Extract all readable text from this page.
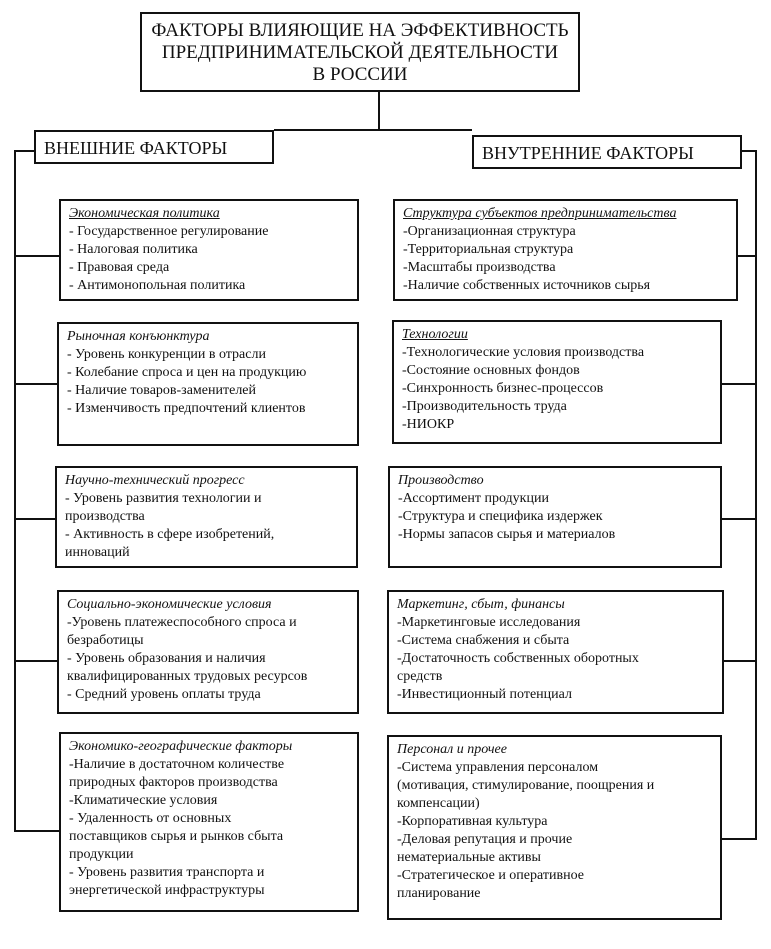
ФАКТОРЫ ВЛИЯЮЩИЕ НА ЭФФЕКТИВНОСТЬ
ПРЕДПРИНИМАТЕЛЬСКОЙ ДЕЯТЕЛЬНОСТИ
В РОССИИ
ВНЕШНИЕ ФАКТОРЫ	ВНУТРЕННИЕ ФАКТОРЫ
Экономическая политика
- Государственное регулирование
- Налоговая политика
- Правовая среда
- Антимонопольная политика
Рыночная конъюнктура
- Уровень конкуренции в отрасли
- Колебание спроса и цен на продукцию
- Наличие товаров-заменителей
- Изменчивость предпочтений клиентов
Научно-технический прогресс
- Уровень развития технологии и
производства
- Активность в сфере изобретений,
инноваций
Социально-экономические условия
-Уровень платежеспособного спроса и
безработицы
- Уровень образования и наличия
квалифицированных трудовых ресурсов
- Средний уровень оплаты труда
Экономико-географические факторы
-Наличие в достаточном количестве
природных факторов производства
-Климатические условия
- Удаленность от основных
поставщиков сырья и рынков сбыта
продукции
- Уровень развития транспорта и
энергетической инфраструктуры
Структура субъектов предпринимательства
-Организационная структура
-Территориальная структура
-Масштабы производства
-Наличие собственных источников сырья
Технологии
-Технологические условия производства
-Состояние основных фондов
-Синхронность бизнес-процессов
-Производительность труда
-НИОКР
Производство
-Ассортимент продукции
-Структура и специфика издержек
-Нормы запасов сырья и материалов
Маркетинг, сбыт, финансы
-Маркетинговые исследования
-Система снабжения и сбыта
-Достаточность собственных оборотных
средств
-Инвестиционный потенциал
Персонал и прочее
-Система управления персоналом
(мотивация, стимулирование, поощрения и
компенсации)
-Корпоративная культура
-Деловая репутация и прочие
нематериальные активы
-Стратегическое и оперативное
планирование
